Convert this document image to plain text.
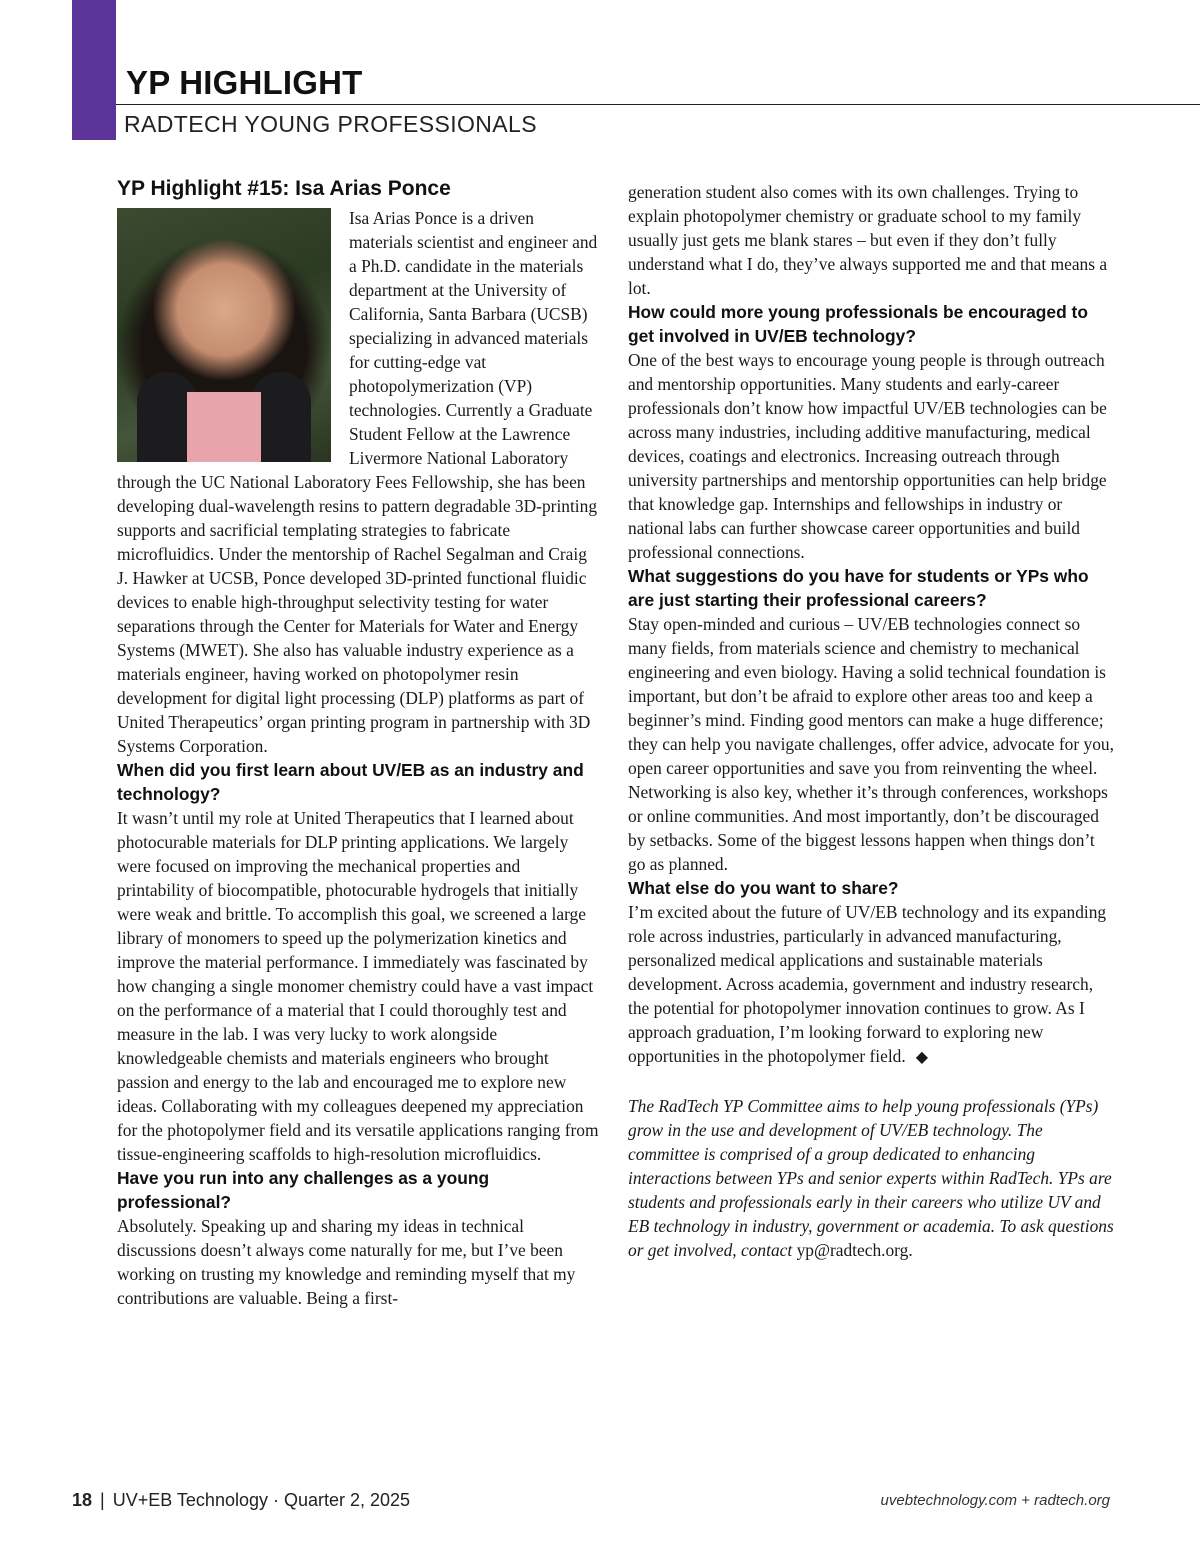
YP HIGHLIGHT
RADTECH YOUNG PROFESSIONALS
YP Highlight #15: Isa Arias Ponce

Isa Arias Ponce is a driven materials scientist and engineer and a Ph.D. candidate in the materials department at the University of California, Santa Barbara (UCSB) specializing in advanced materials for cutting-edge vat photopolymerization (VP) technologies. Currently a Graduate Student Fellow at the Lawrence Livermore National Laboratory through the UC National Laboratory Fees Fellowship, she has been developing dual-wavelength resins to pattern degradable 3D-printing supports and sacrificial templating strategies to fabricate microfluidics. Under the mentorship of Rachel Segalman and Craig J. Hawker at UCSB, Ponce developed 3D-printed functional fluidic devices to enable high-throughput selectivity testing for water separations through the Center for Materials for Water and Energy Systems (MWET). She also has valuable industry experience as a materials engineer, having worked on photopolymer resin development for digital light processing (DLP) platforms as part of United Therapeutics’ organ printing program in partnership with 3D Systems Corporation.

When did you first learn about UV/EB as an industry and technology?

It wasn’t until my role at United Therapeutics that I learned about photocurable materials for DLP printing applications. We largely were focused on improving the mechanical properties and printability of biocompatible, photocurable hydrogels that initially were weak and brittle. To accomplish this goal, we screened a large library of monomers to speed up the polymerization kinetics and improve the material performance. I immediately was fascinated by how changing a single monomer chemistry could have a vast impact on the performance of a material that I could thoroughly test and measure in the lab. I was very lucky to work alongside knowledgeable chemists and materials engineers who brought passion and energy to the lab and encouraged me to explore new ideas. Collaborating with my colleagues deepened my appreciation for the photopolymer field and its versatile applications ranging from tissue-engineering scaffolds to high-resolution microfluidics.

Have you run into any challenges as a young professional?

Absolutely. Speaking up and sharing my ideas in technical discussions doesn’t always come naturally for me, but I’ve been working on trusting my knowledge and reminding myself that my contributions are valuable. Being a first-

generation student also comes with its own challenges. Trying to explain photopolymer chemistry or graduate school to my family usually just gets me blank stares – but even if they don’t fully understand what I do, they’ve always supported me and that means a lot.

How could more young professionals be encouraged to get involved in UV/EB technology?

One of the best ways to encourage young people is through outreach and mentorship opportunities. Many students and early-career professionals don’t know how impactful UV/EB technologies can be across many industries, including additive manufacturing, medical devices, coatings and electronics. Increasing outreach through university partnerships and mentorship opportunities can help bridge that knowledge gap. Internships and fellowships in industry or national labs can further showcase career opportunities and build professional connections.

What suggestions do you have for students or YPs who are just starting their professional careers?

Stay open-minded and curious – UV/EB technologies connect so many fields, from materials science and chemistry to mechanical engineering and even biology. Having a solid technical foundation is important, but don’t be afraid to explore other areas too and keep a beginner’s mind. Finding good mentors can make a huge difference; they can help you navigate challenges, offer advice, advocate for you, open career opportunities and save you from reinventing the wheel. Networking is also key, whether it’s through conferences, workshops or online communities. And most importantly, don’t be discouraged by setbacks. Some of the biggest lessons happen when things don’t go as planned.

What else do you want to share?

I’m excited about the future of UV/EB technology and its expanding role across industries, particularly in advanced manufacturing, personalized medical applications and sustainable materials development. Across academia, government and industry research, the potential for photopolymer innovation continues to grow. As I approach graduation, I’m looking forward to exploring new opportunities in the photopolymer field. ◆

The RadTech YP Committee aims to help young professionals (YPs) grow in the use and development of UV/EB technology. The committee is comprised of a group dedicated to enhancing interactions between YPs and senior experts within RadTech. YPs are students and professionals early in their careers who utilize UV and EB technology in industry, government or academia. To ask questions or get involved, contact yp@radtech.org.

18 | UV+EB Technology · Quarter 2, 2025	uvebtechnology.com + radtech.org
